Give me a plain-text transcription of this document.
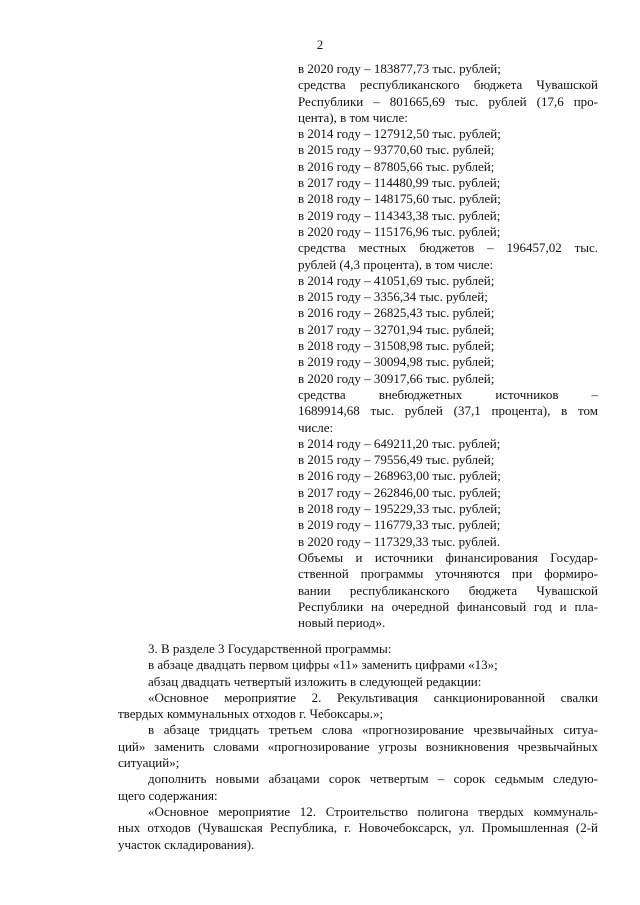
2
в 2020 году – 183877,73 тыс. рублей;
средства республиканского бюджета Чувашской
Республики – 801665,69 тыс. рублей (17,6 про-
цента), в том числе:
в 2014 году – 127912,50 тыс. рублей;
в 2015 году – 93770,60 тыс. рублей;
в 2016 году – 87805,66 тыс. рублей;
в 2017 году – 114480,99 тыс. рублей;
в 2018 году – 148175,60 тыс. рублей;
в 2019 году – 114343,38 тыс. рублей;
в 2020 году – 115176,96 тыс. рублей;
средства местных бюджетов – 196457,02 тыс.
рублей (4,3 процента), в том числе:
в 2014 году – 41051,69 тыс. рублей;
в 2015 году – 3356,34 тыс. рублей;
в 2016 году – 26825,43 тыс. рублей;
в 2017 году – 32701,94 тыс. рублей;
в 2018 году – 31508,98 тыс. рублей;
в 2019 году – 30094,98 тыс. рублей;
в 2020 году – 30917,66 тыс. рублей;
средства внебюджетных источников –
1689914,68 тыс. рублей (37,1 процента), в том
числе:
в 2014 году – 649211,20 тыс. рублей;
в 2015 году – 79556,49 тыс. рублей;
в 2016 году – 268963,00 тыс. рублей;
в 2017 году – 262846,00 тыс. рублей;
в 2018 году – 195229,33 тыс. рублей;
в 2019 году – 116779,33 тыс. рублей;
в 2020 году – 117329,33 тыс. рублей.
Объемы и источники финансирования Государ-
ственной программы уточняются при формиро-
вании республиканского бюджета Чувашской
Республики на очередной финансовый год и пла-
новый период».
3. В разделе 3 Государственной программы:
в абзаце двадцать первом цифры «11» заменить цифрами «13»;
абзац двадцать четвертый изложить в следующей редакции:
«Основное мероприятие 2. Рекультивация санкционированной свалки
твердых коммунальных отходов г. Чебоксары.»;
в абзаце тридцать третьем слова «прогнозирование чрезвычайных ситуа-
ций» заменить словами «прогнозирование угрозы возникновения чрезвычайных
ситуаций»;
дополнить новыми абзацами сорок четвертым – сорок седьмым следую-
щего содержания:
«Основное мероприятие 12. Строительство полигона твердых коммуналь-
ных отходов (Чувашская Республика, г. Новочебоксарск, ул. Промышленная (2-й
участок складирования).
